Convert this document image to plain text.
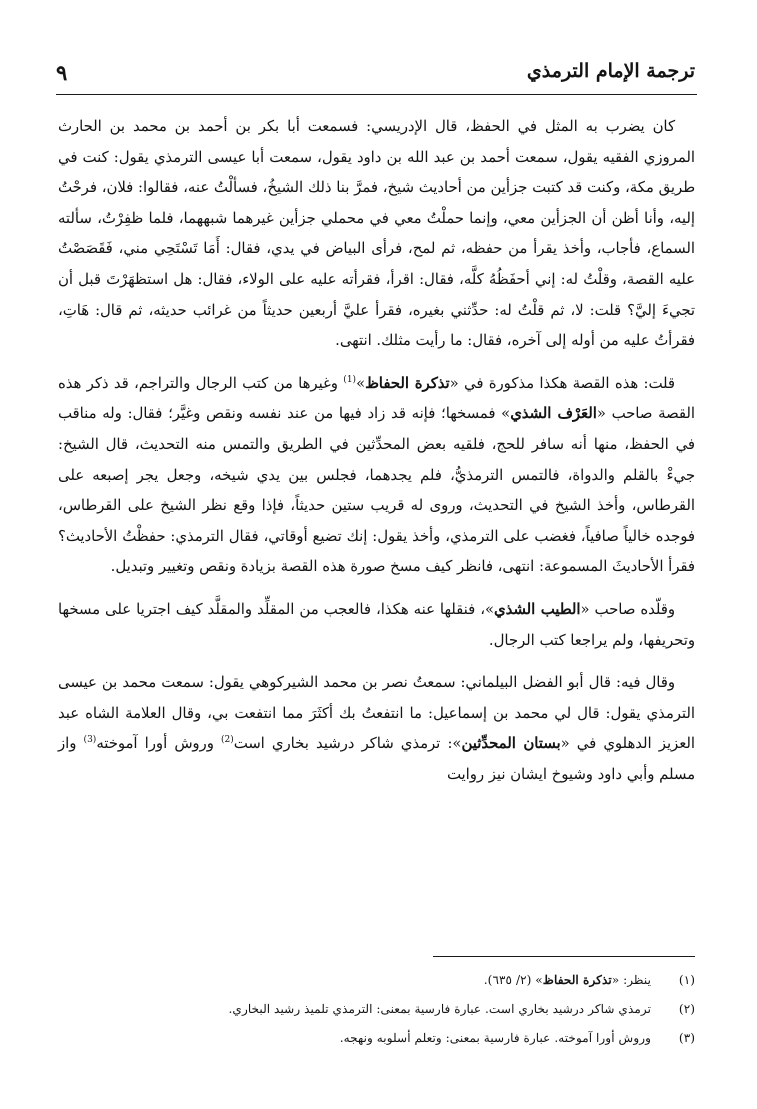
ترجمة الإمام الترمذي
٩

كان يضرب به المثل في الحفظ، قال الإدريسي: فسمعت أبا بكر بن أحمد بن محمد بن الحارث المروزي الفقيه يقول، سمعت أحمد بن عبد الله بن داود يقول، سمعت أبا عيسى الترمذي يقول: كنت في طريق مكة، وكنت قد كتبت جزأين من أحاديث شيخ، فمرَّ بنا ذلك الشيخُ، فسألْتُ عنه، فقالوا: فلان، فرحْتُ إليه، وأنا أظن أن الجزأين معي، وإنما حملْتُ معي في محملي جزأين غيرهما شبههما، فلما ظفِرْتُ، سألته السماع، فأجاب، وأخذ يقرأ من حفظه، ثم لمح، فرأى البياض في يدي، فقال: أَمَا تَسْتَحِي مني، فَقَصَصْتُ عليه القصة، وقلْتُ له: إني أحفَظُهُ كلَّه، فقال: اقرأ، فقرأته عليه على الولاء، فقال: هل استظهَرْتَ قبل أن تجيءَ إليَّ؟ قلت: لا، ثم قلْتُ له: حدِّثني بغيره، فقرأ عليَّ أربعين حديثاً من غرائب حديثه، ثم قال: هَاتِ، فقرأتُ عليه من أوله إلى آخره، فقال: ما رأيت مثلك. انتهى.

قلت: هذه القصة هكذا مذكورة في «تذكرة الحفاظ»$^{(1)}$ وغيرها من كتب الرجال والتراجم، قد ذكر هذه القصة صاحب «العَرْف الشذي» فمسخها؛ فإنه قد زاد فيها من عند نفسه ونقص وغيَّر؛ فقال: وله مناقب في الحفظ، منها أنه سافر للحج، فلقيه بعض المحدِّثين في الطريق والتمس منه التحديث، قال الشيخ: جيءْ بالقلم والدواة، فالتمس الترمذيُّ، فلم يجدهما، فجلس بين يدي شيخه، وجعل يجر إصبعه على القرطاس، وأخذ الشيخ في التحديث، وروى له قريب ستين حديثاً، فإذا وقع نظر الشيخ على القرطاس، فوجده خالياً صافياً، فغضب على الترمذي، وأخذ يقول: إنك تضيع أوقاتي، فقال الترمذي: حفظْتُ الأحاديث؟ فقرأ الأحاديثَ المسموعة: انتهى، فانظر كيف مسخ صورة هذه القصة بزيادة ونقص وتغيير وتبديل.

وقلّده صاحب «الطيب الشذي»، فنقلها عنه هكذا، فالعجب من المقلِّد والمقلَّد كيف اجتريا على مسخها وتحريفها، ولم يراجعا كتب الرجال.

وقال فيه: قال أبو الفضل البيلماني: سمعتُ نصر بن محمد الشيركوهي يقول: سمعت محمد بن عيسى الترمذي يقول: قال لي محمد بن إسماعيل: ما انتفعتُ بك أكثَرَ مما انتفعت بي، وقال العلامة الشاه عبد العزيز الدهلوي في «بستان المحدِّثين»: ترمذي شاكر درشيد بخاري است$^{(2)}$ وروش أورا آموخته$^{(3)}$ واز مسلم وأبي داود وشيوخ ايشان نيز روايت

(١)
ينظر: «تذكرة الحفاظ» (٢/ ٦٣٥).
(٢)
ترمذي شاكر درشيد بخاري است. عبارة فارسية بمعنى: الترمذي تلميذ رشيد البخاري.
(٣)
وروش أورا آموخته. عبارة فارسية بمعنى: وتعلم أسلوبه ونهجه.
